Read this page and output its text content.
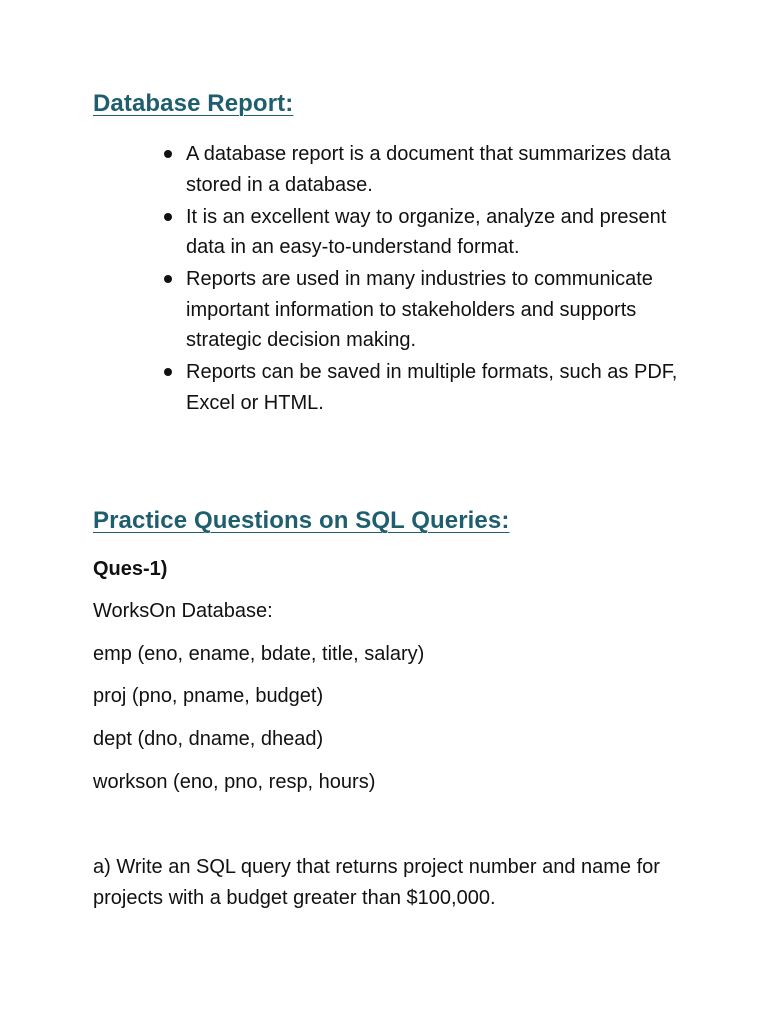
Database Report:
A database report is a document that summarizes data stored in a database.
It is an excellent way to organize, analyze and present data in an easy-to-understand format.
Reports are used in many industries to communicate important information to stakeholders and supports strategic decision making.
Reports can be saved in multiple formats, such as PDF, Excel or HTML.
Practice Questions on SQL Queries:

Ques-1)

WorksOn Database:

emp (eno, ename, bdate, title, salary)

proj (pno, pname, budget)

dept (dno, dname, dhead)

workson (eno, pno, resp, hours)

a) Write an SQL query that returns project number and name for projects with a budget greater than $100,000.
